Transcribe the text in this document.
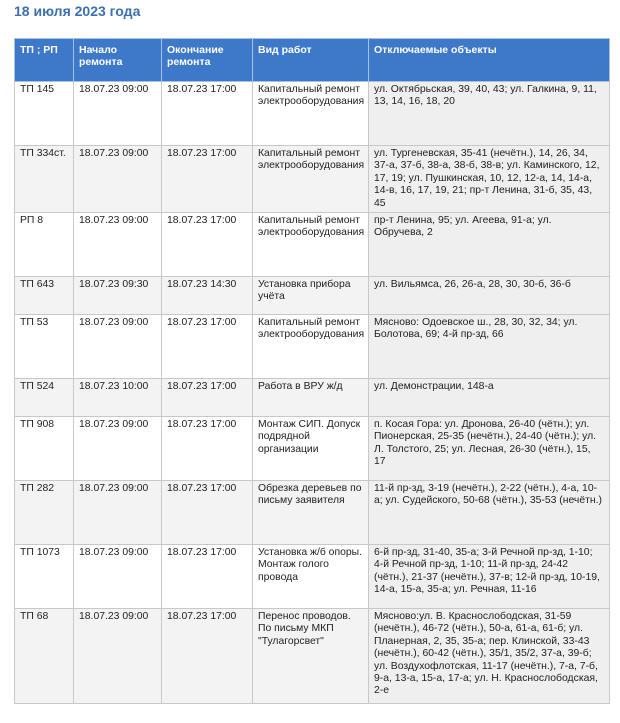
18 июля 2023 года
ТП ; РП	Начало ремонта	Окончание ремонта	Вид работ	Отключаемые объекты
ТП 145	18.07.23 09:00	18.07.23 17:00	Капитальный ремонт электрооборудования	ул. Октябрьская, 39, 40, 43; ул. Галкина, 9, 11, 13, 14, 16, 18, 20
ТП 334ст.	18.07.23 09:00	18.07.23 17:00	Капитальный ремонт электрооборудования	ул. Тургеневская, 35-41 (нечётн.), 14, 26, 34, 37-а, 37-б, 38-а, 38-б, 38-в; ул. Каминского, 12, 17, 19; ул. Пушкинская, 10, 12, 12-а, 14, 14-а, 14-в, 16, 17, 19, 21; пр-т Ленина, 31-б, 35, 43, 45
РП 8	18.07.23 09:00	18.07.23 17:00	Капитальный ремонт электрооборудования	пр-т Ленина, 95; ул. Агеева, 91-а; ул. Обручева, 2
ТП 643	18.07.23 09:30	18.07.23 14:30	Установка прибора учёта	ул. Вильямса, 26, 26-а, 28, 30, 30-б, 36-б
ТП 53	18.07.23 09:00	18.07.23 17:00	Капитальный ремонт электрооборудования	Мясново: Одоевское ш., 28, 30, 32, 34; ул. Болотова, 69; 4-й пр-зд, 66
ТП 524	18.07.23 10:00	18.07.23 17:00	Работа в ВРУ ж/д	ул. Демонстрации, 148-а
ТП 908	18.07.23 09:00	18.07.23 17:00	Монтаж СИП. Допуск подрядной организации	п. Косая Гора: ул. Дронова, 26-40 (чётн.); ул. Пионерская, 25-35 (нечётн.), 24-40 (чётн.); ул. Л. Толстого, 25; ул. Лесная, 26-30 (чётн.), 15, 17
ТП 282	18.07.23 09:00	18.07.23 17:00	Обрезка деревьев по письму заявителя	11-й пр-зд, 3-19 (нечётн.), 2-22 (чётн.), 4-а, 10-а; ул. Судейского, 50-68 (чётн.), 35-53 (нечётн.)
ТП 1073	18.07.23 09:00	18.07.23 17:00	Установка ж/б опоры. Монтаж голого провода	6-й пр-зд, 31-40, 35-а; 3-й Речной пр-зд, 1-10; 4-й Речной пр-зд, 1-10; 11-й пр-зд, 24-42 (чётн.), 21-37 (нечётн.), 37-в; 12-й пр-зд, 10-19, 14-а, 15-а, 35-а; ул. Речная, 11-16
ТП 68	18.07.23 09:00	18.07.23 17:00	Перенос проводов. По письму МКП "Тулагорсвет"	Мясново:ул. В. Краснослободская, 31-59 (нечётн.), 46-72 (чётн.), 50-а, 61-а, 61-б; ул. Планерная, 2, 35, 35-а; пер. Клинской, 33-43 (нечётн.), 60-42 (чётн.), 35/1, 35/2, 37-а, 39-б; ул. Воздухофлотская, 11-17 (нечётн.), 7-а, 7-б, 9-а, 13-а, 15-а, 17-а; ул. Н. Краснослободская, 2-е
